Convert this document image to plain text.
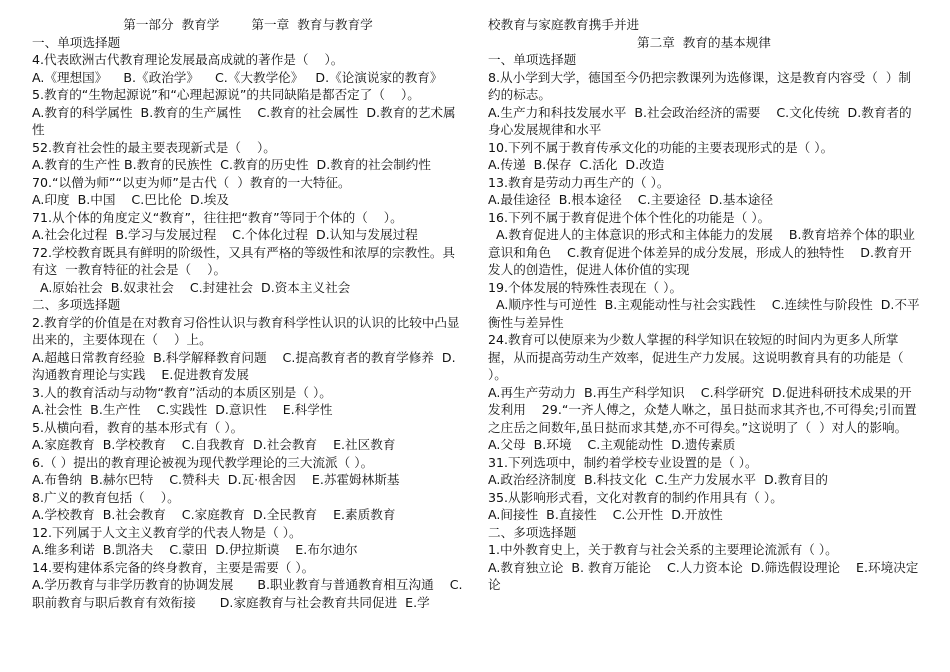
第一部分  教育学        第一章  教育与教育学
一、单项选择题
4.代表欧洲古代教育理论发展最高成就的著作是（    ）。
A.《理想国》    B.《政治学》    C.《大教学伦》   D.《论演说家的教育》
5.教育的“生物起源说”和“心理起源说”的共同缺陷是都否定了（    ）。
A.教育的科学属性  B.教育的生产属性    C.教育的社会属性  D.教育的艺术属性
52.教育社会性的最主要表现新式是（    ）。
A.教育的生产性 B.教育的民族性  C.教育的历史性  D.教育的社会制约性
70.“以僧为师”“以吏为师”是古代（  ）教育的一大特征。
A.印度  B.中国    C.巴比伦  D.埃及
71.从个体的角度定义“教育”，往往把“教育”等同于个体的（    ）。
A.社会化过程  B.学习与发展过程    C.个体化过程  D.认知与发展过程
72.学校教育既具有鲜明的阶级性，又具有严格的等级性和浓厚的宗教性。具有这  一教育特征的社会是（    ）。
A.原始社会  B.奴隶社会    C.封建社会  D.资本主义社会
二、多项选择题
2.教育学的价值是在对教育习俗性认识与教育科学性认识的认识的比较中凸显出来的，主要体现在（    ）上。
A.超越日常教育经验  B.科学解释教育问题    C.提高教育者的教育学修养  D.沟通教育理论与实践    E.促进教育发展
3.人的教育活动与动物“教育”活动的本质区别是（ ）。
A.社会性  B.生产性    C.实践性  D.意识性    E.科学性
5.从横向看，教育的基本形式有（ ）。
A.家庭教育  B.学校教育    C.自我教育  D.社会教育    E.社区教育
6.（ ）提出的教育理论被视为现代教学理论的三大流派（ ）。
A.布鲁纳  B.赫尔巴特    C.赞科夫  D.瓦·根舍因    E.苏霍姆林斯基
8.广义的教育包括（    ）。
A.学校教育  B.社会教育    C.家庭教育  D.全民教育    E.素质教育
12.下列属于人文主义教育学的代表人物是（ ）。
A.维多利诺  B.凯洛夫    C.蒙田  D.伊拉斯谟    E.布尔迪尔
14.要构建体系完备的终身教育，主要是需要（ ）。
A.学历教育与非学历教育的协调发展      B.职业教育与普通教育相互沟通    C.职前教育与职后教育有效衔接      D.家庭教育与社会教育共同促进  E.学
校教育与家庭教育携手并进
第二章  教育的基本规律
一、单项选择题
8.从小学到大学，德国至今仍把宗教课列为选修课，这是教育内容受（  ）制约的标志。
A.生产力和科技发展水平  B.社会政治经济的需要    C.文化传统  D.教育者的身心发展规律和水平
10.下列不属于教育传承文化的功能的主要表现形式的是（ ）。
A.传递  B.保存  C.活化  D.改造
13.教育是劳动力再生产的（ ）。
A.最佳途径  B.根本途径    C.主要途径  D.基本途径
16.下列不属于教育促进个体个性化的功能是（ ）。
A.教育促进人的主体意识的形式和主体能力的发展    B.教育培养个体的职业意识和角色    C.教育促进个体差异的成分发展，形成人的独特性    D.教育开发人的创造性，促进人体价值的实现
19.个体发展的特殊性表现在（ ）。
A.顺序性与可逆性  B.主观能动性与社会实践性    C.连续性与阶段性  D.不平衡性与差异性
24.教育可以使原来为少数人掌握的科学知识在较短的时间内为更多人所掌握，从而提高劳动生产效率，促进生产力发展。这说明教育具有的功能是（ ）。
A.再生产劳动力  B.再生产科学知识    C.科学研究  D.促进科研技术成果的开发利用    29.“一齐人傅之，众楚人咻之，虽日挞而求其齐也,不可得矣;引而置之庄岳之间数年,虽日挞而求其楚,亦不可得矣。”这说明了（  ）对人的影响。
A.父母  B.环境    C.主观能动性  D.遗传素质
31.下列选项中，制约着学校专业设置的是（ ）。
A.政治经济制度  B.科技文化  C.生产力发展水平  D.教育目的
35.从影响形式看，文化对教育的制约作用具有（ ）。
A.间接性  B.直接性    C.公开性  D.开放性
二、多项选择题
1.中外教育史上，关于教育与社会关系的主要理论流派有（ ）。
A.教育独立论  B. 教育万能论    C.人力资本论  D.筛选假设理论    E.环境决定论
